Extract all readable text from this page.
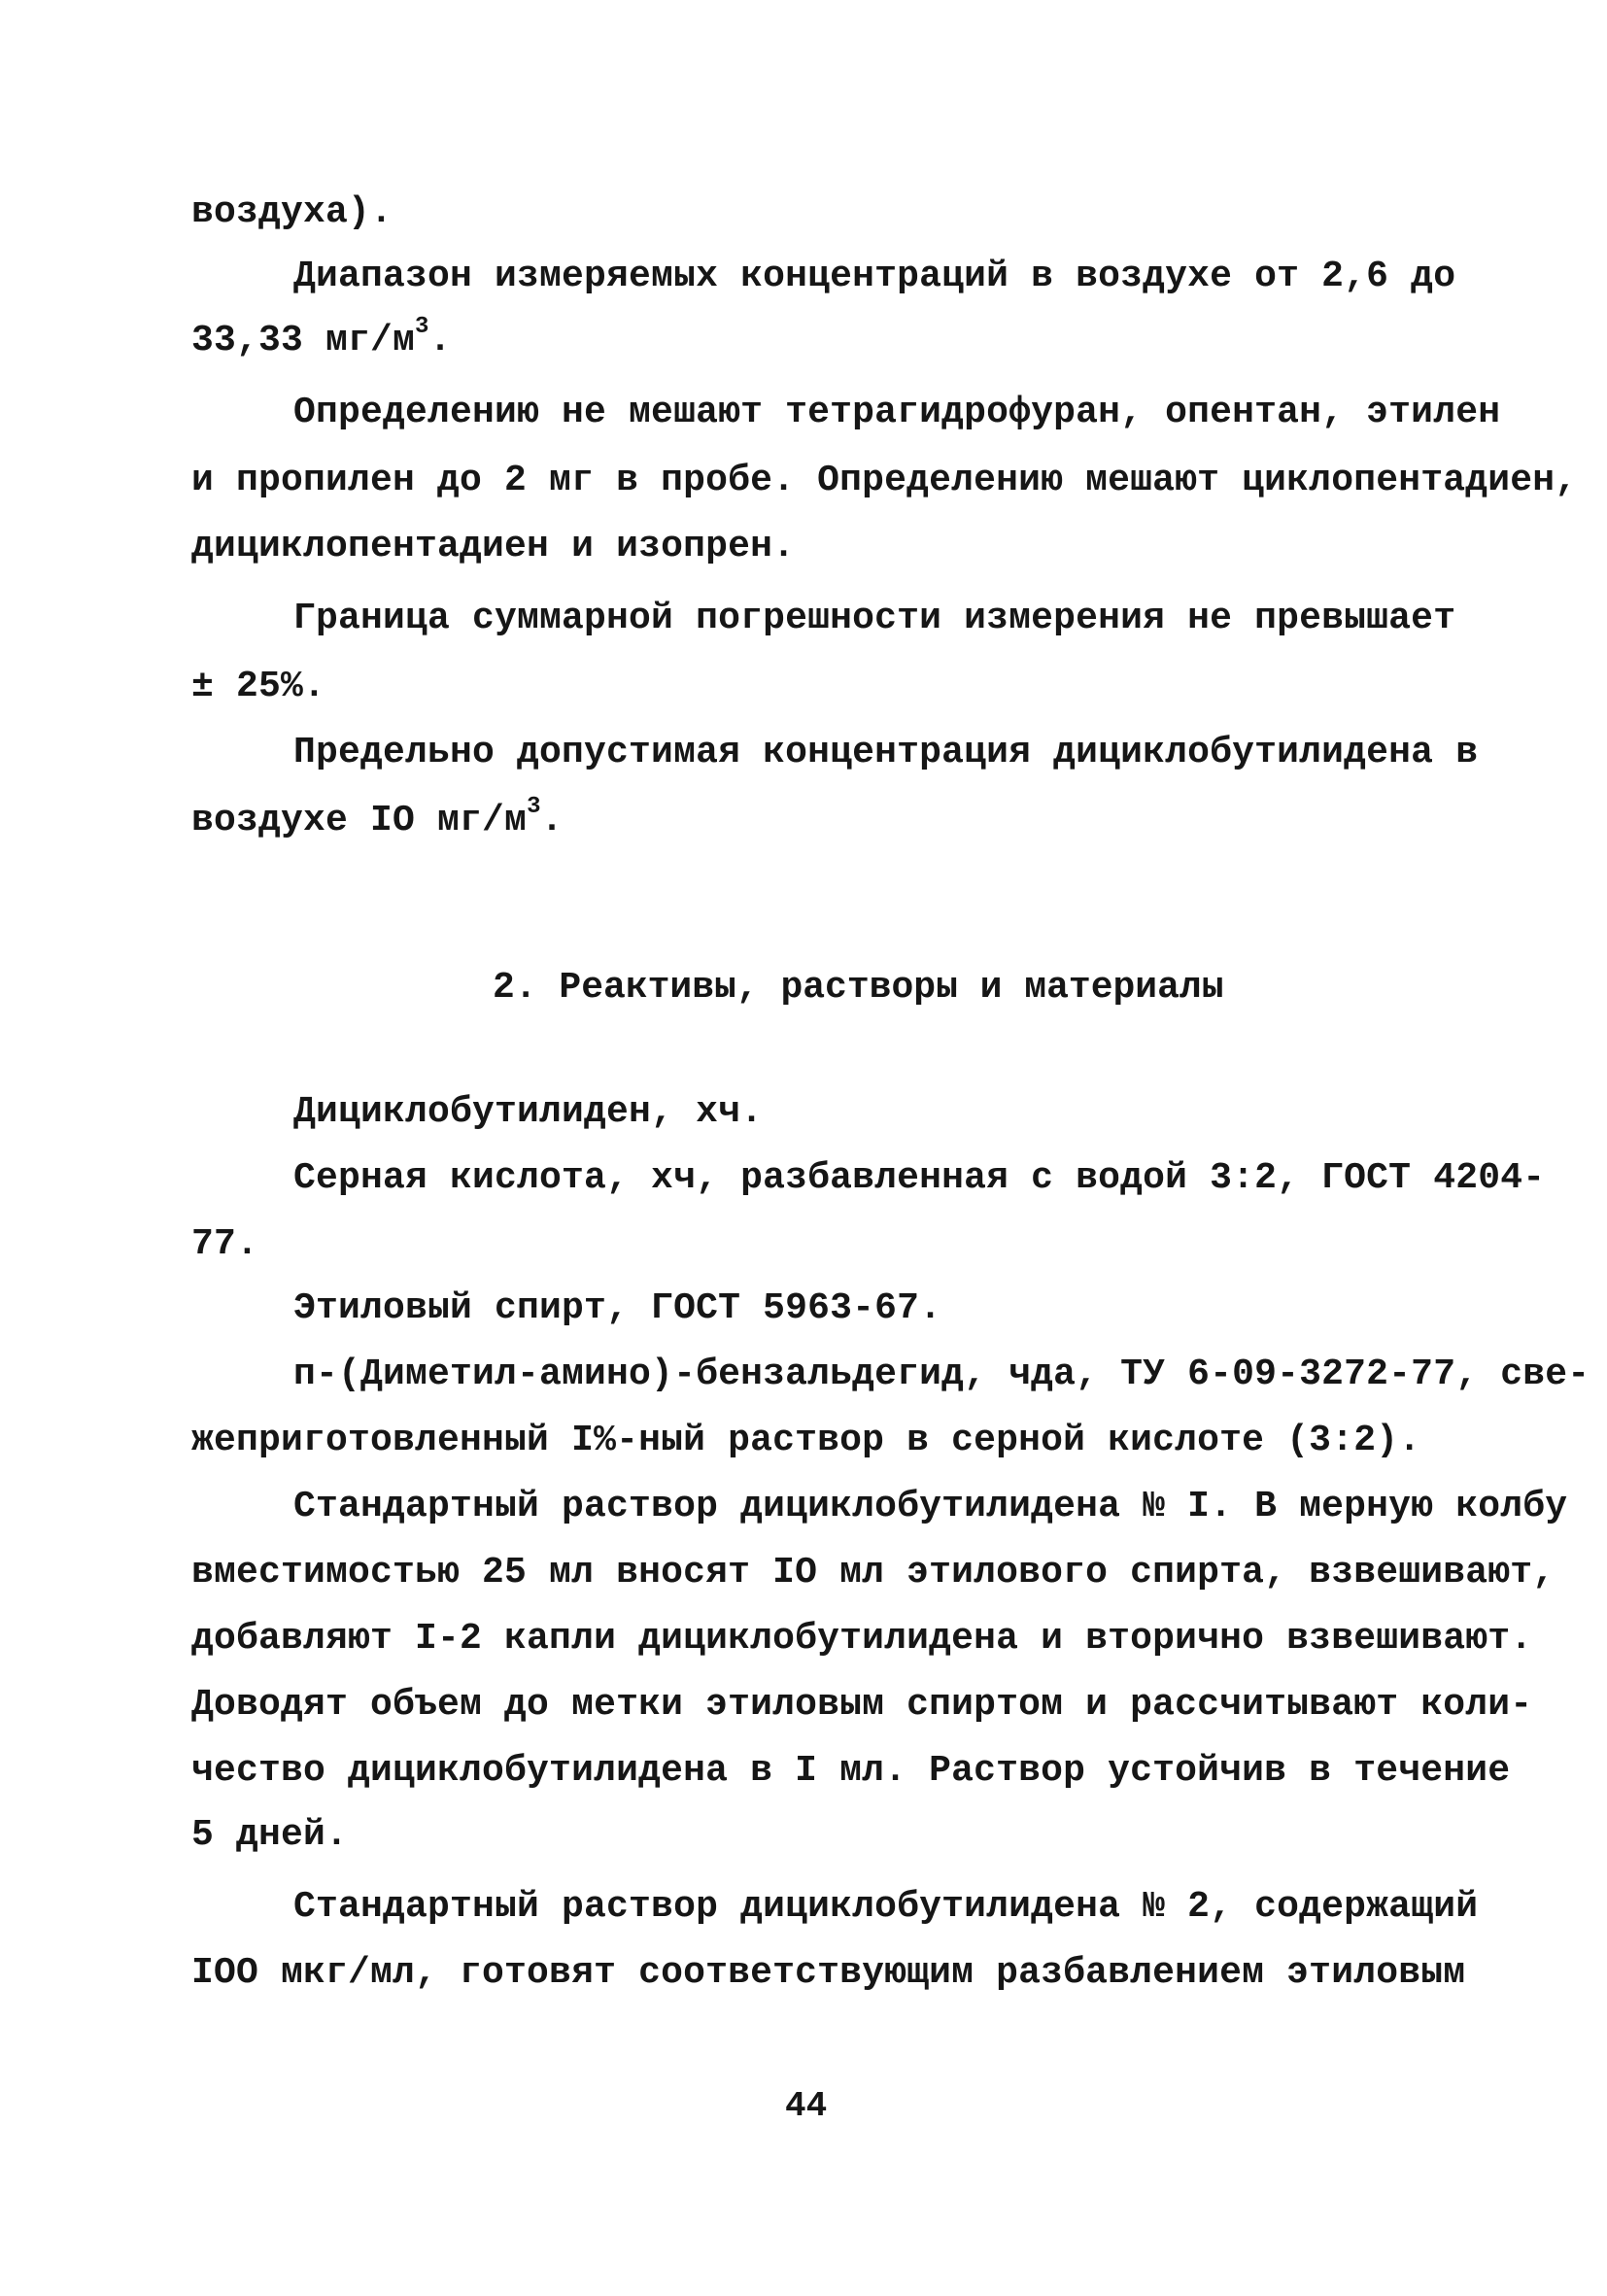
воздуха).
Диапазон измеряемых концентраций в воздухе от 2,6 до
33,33 $мг/м^3$.
Определению не мешают тетрагидрофуран, опентан, этилен
и пропилен до 2 мг в пробе. Определению мешают циклопентадиен,
дициклопентадиен и изопрен.
Граница суммарной погрешности измерения не превышает
± 25%.
Предельно допустимая концентрация дициклобутилидена в
воздухе IO $мг/м^3$.
2. Реактивы, растворы и материалы
Дициклобутилиден, хч.
Серная кислота, хч, разбавленная с водой 3:2, ГОСТ 4204-
77.
Этиловый спирт, ГОСТ 5963-67.
п-(Диметил-амино)-бензальдегид, чда, ТУ 6-09-3272-77, све-
жеприготовленный I%-ный раствор в серной кислоте (3:2).
Стандартный раствор дициклобутилидена № I. В мерную колбу
вместимостью 25 мл вносят IO мл этилового спирта, взвешивают,
добавляют I-2 капли дициклобутилидена и вторично взвешивают.
Доводят объем до метки этиловым спиртом и рассчитывают коли-
чество дициклобутилидена в I мл. Раствор устойчив в течение
5 дней.
Стандартный раствор дициклобутилидена № 2, содержащий
IOO мкг/мл, готовят соответствующим разбавлением этиловым
44
